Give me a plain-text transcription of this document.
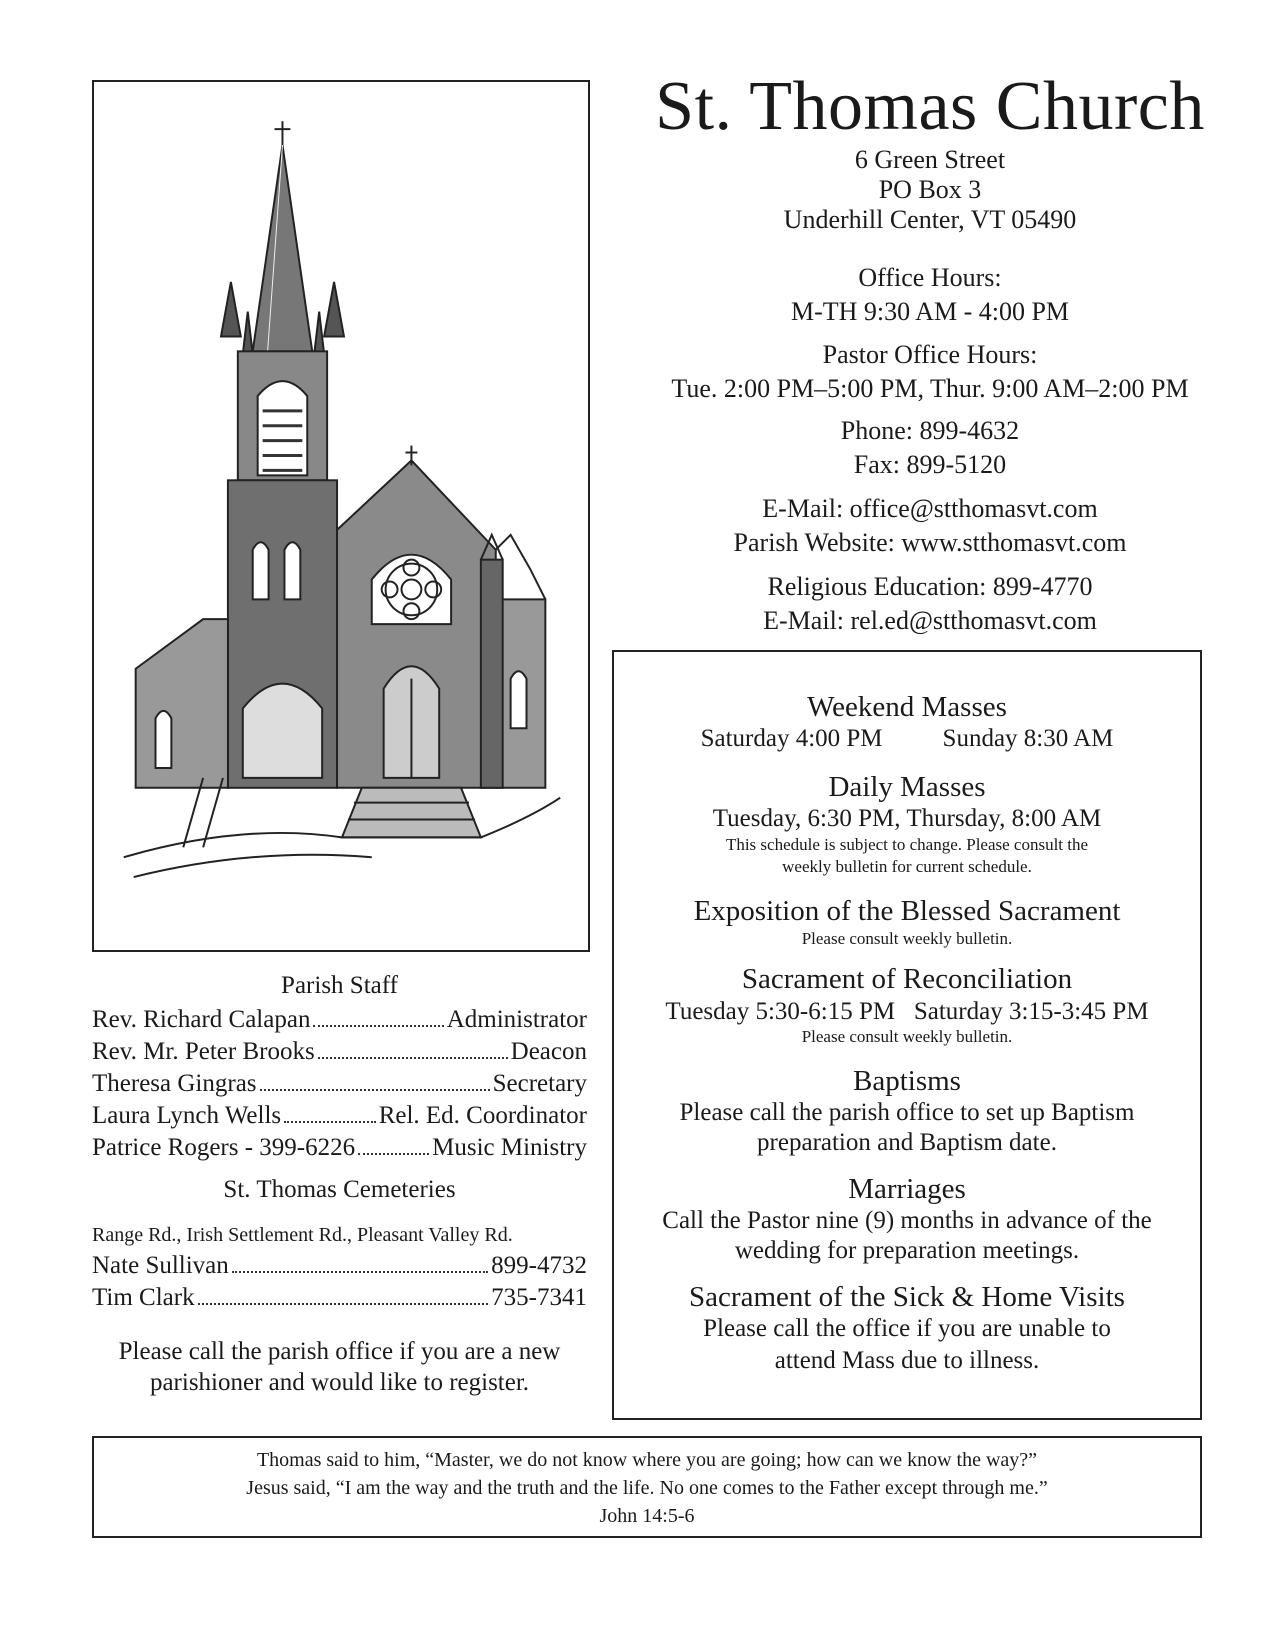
St. Thomas Church
6 Green Street
PO Box 3
Underhill Center, VT 05490
Office Hours:
M-TH 9:30 AM - 4:00 PM
Pastor Office Hours:
Tue. 2:00 PM–5:00 PM, Thur. 9:00 AM–2:00 PM
Phone: 899-4632
Fax: 899-5120
E-Mail: office@stthomasvt.com
Parish Website: www.stthomasvt.com
Religious Education: 899-4770
E-Mail: rel.ed@stthomasvt.com
Parish Staff
Rev. Richard Calapan	Administrator
Rev. Mr. Peter Brooks	Deacon
Theresa Gingras	Secretary
Laura Lynch Wells	Rel. Ed. Coordinator
Patrice Rogers - 399-6226	Music Ministry
St. Thomas Cemeteries
Range Rd., Irish Settlement Rd., Pleasant Valley Rd.
Nate Sullivan	899-4732
Tim Clark	735-7341
Please call the parish office if you are a new parishioner and would like to register.
Weekend Masses
Saturday 4:00 PM Sunday 8:30 AM
Daily Masses
Tuesday, 6:30 PM, Thursday, 8:00 AM
This schedule is subject to change. Please consult the
weekly bulletin for current schedule.
Exposition of the Blessed Sacrament
Please consult weekly bulletin.
Sacrament of Reconciliation
Tuesday 5:30-6:15 PM   Saturday 3:15-3:45 PM
Please consult weekly bulletin.
Baptisms
Please call the parish office to set up Baptism
preparation and Baptism date.
Marriages
Call the Pastor nine (9) months in advance of the
wedding for preparation meetings.
Sacrament of the Sick & Home Visits
Please call the office if you are unable to
attend Mass due to illness.
Thomas said to him, “Master, we do not know where you are going; how can we know the way?”
Jesus said, “I am the way and the truth and the life. No one comes to the Father except through me.”
John 14:5-6
